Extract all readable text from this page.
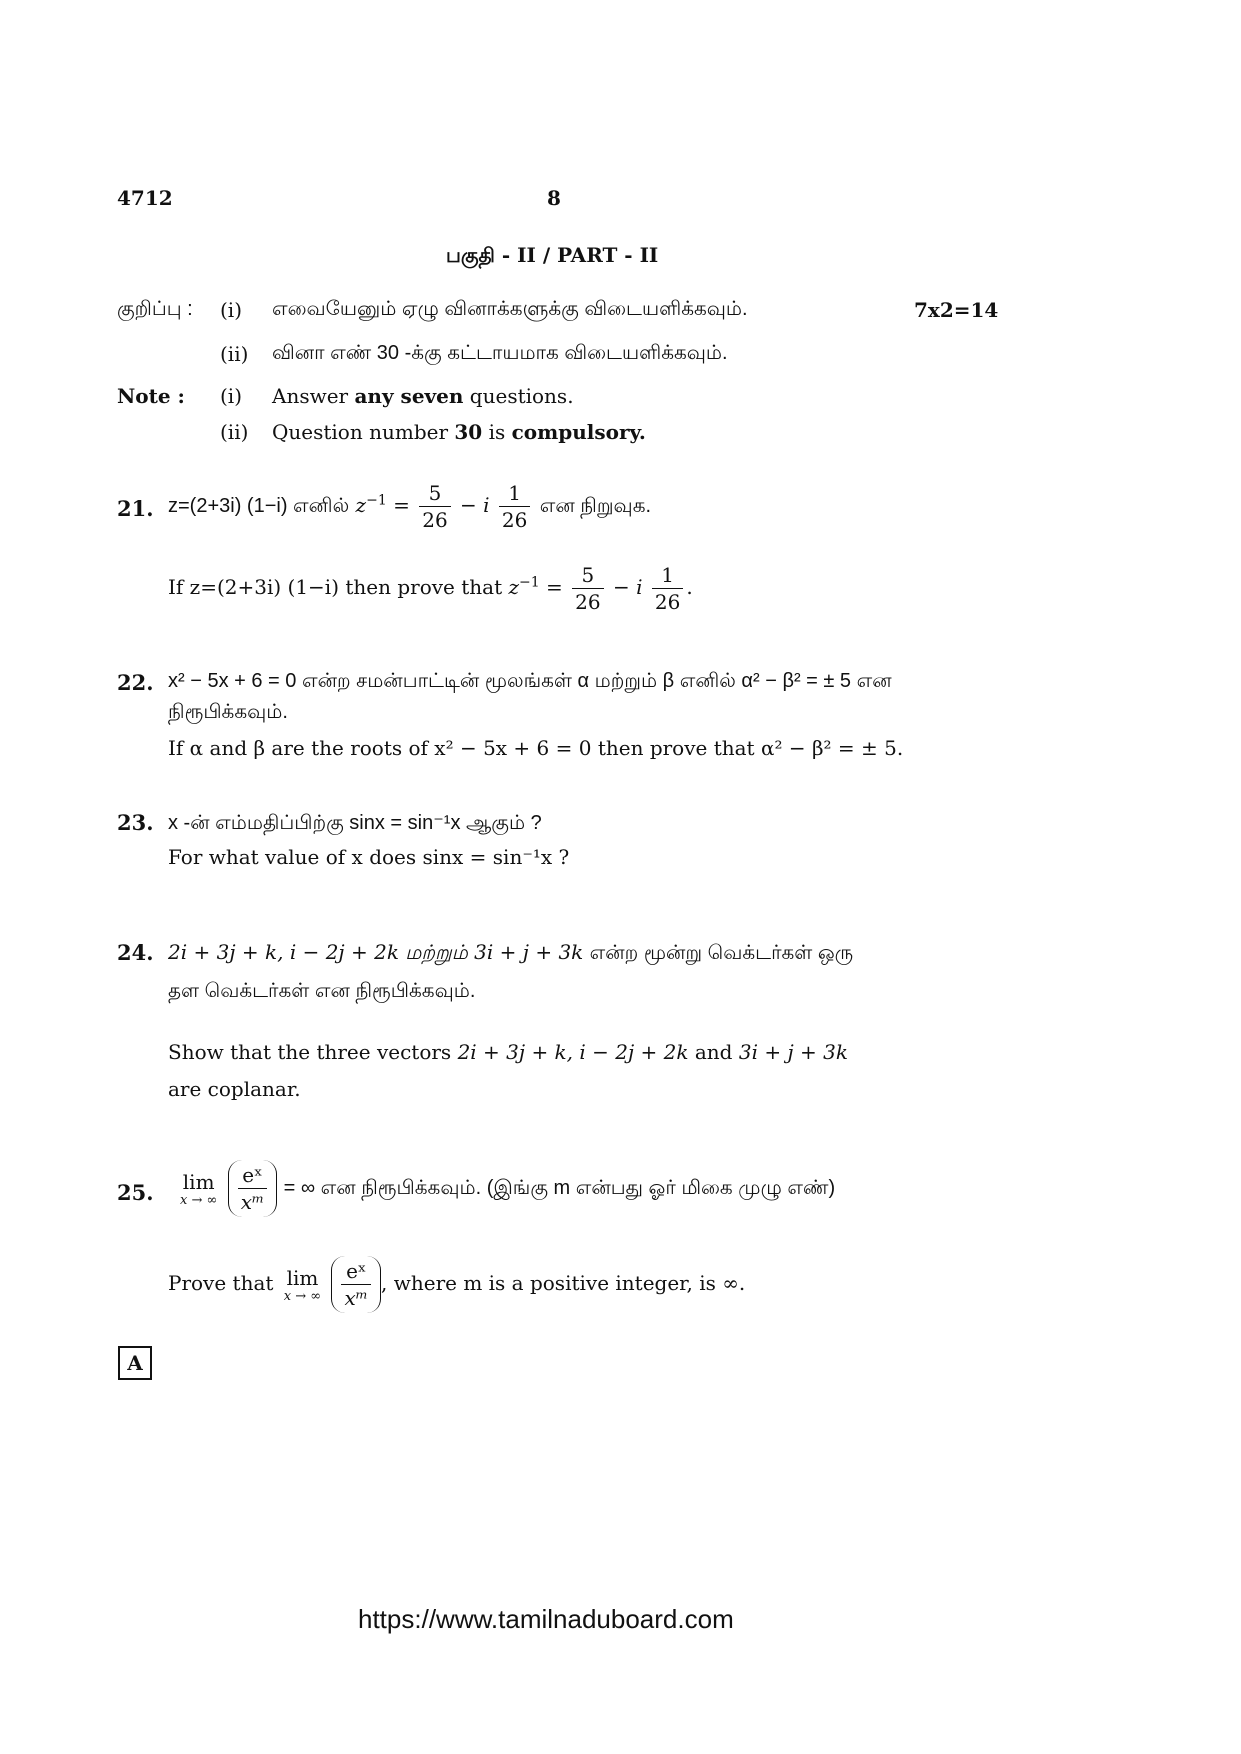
4712	8
பகுதி - II / PART - II
குறிப்பு : (i) எவையேனும் ஏழு வினாக்களுக்கு விடையளிக்கவும்.	7x2=14
(ii) வினா எண் 30 -க்கு கட்டாயமாக விடையளிக்கவும்.
Note : (i) Answer any seven questions.
(ii) Question number 30 is compulsory.
21. z=(2+3i) (1−i) எனில் $z^{-1} = \frac{5}{26} - i \frac{1}{26}$ என நிறுவுக.
If z=(2+3i) (1−i) then prove that $z^{-1} = \frac{5}{26} - i \frac{1}{26}$ .
22. x² − 5x + 6 = 0 என்ற சமன்பாட்டின் மூலங்கள் α மற்றும் β எனில் α² − β² = ± 5 என
நிரூபிக்கவும்.
If α and β are the roots of x² − 5x + 6 = 0 then prove that α² − β² = ± 5.
23. x -ன் எம்மதிப்பிற்கு sinx = sin⁻¹x ஆகும் ?
For what value of x does sinx = sin⁻¹x ?
24. 2i + 3j + k, i − 2j + 2k மற்றும் 3i + j + 3k என்ற மூன்று வெக்டர்கள் ஒரு
தள வெக்டர்கள் என நிரூபிக்கவும்.
Show that the three vectors 2i + 3j + k, i − 2j + 2k and 3i + j + 3k
are coplanar.
25. lim
x → ∞
$\frac{\text{eˣ}}{\text{xᵐ}}$ = ∞ என நிரூபிக்கவும். (இங்கு m என்பது ஓர் மிகை முழு எண்)
Prove that lim
x → ∞
$\frac{\text{eˣ}}{\text{xᵐ}}$ , where m is a positive integer, is ∞.
A
https://www.tamilnaduboard.com
